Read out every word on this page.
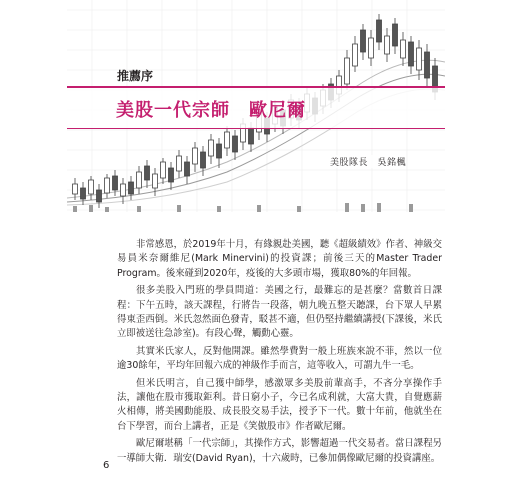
推薦序
美股一代宗師　歐尼爾
美股隊長　吳銘楓

非常感恩，於2019年十月，有緣親赴美國，聽《超級績效》作者、神級交易員米奈爾維尼(Mark Minervini)的投資課；前後三天的Master Trader Program。後來碰到2020年，疫後的大多頭市場，獲取80%的年回報。

很多美股入門班的學員問道：美國之行，最難忘的是甚麼？當數首日課程：下午五時，該天課程，行將告一段落，朝九晚五整天聽課，台下眾人早累得東歪西倒。米氏忽然面色發青，駁甚不適，但仍堅持繼續講授(下課後，米氏立即被送往急診室)。有段心聲，觸動心靈。

其實米氏家人，反對他開課。雖然學費對一般上班族來說不菲，然以一位逾30餘年，平均年回報六成的神級作手而言，這等收入，可謂九牛一毛。

但米氏明言，自己獲中師學，感激眾多美股前輩高手，不吝分享操作手法，讓他在股市獲取鉅利。昔日窮小子，今已名成利就，大富大貴，自覺應薪火相傳，將美國動能股、成長股交易手法，授予下一代。數十年前，他就坐在台下學習，而台上講者，正是《笑傲股市》作者歐尼爾。

歐尼爾堪稱「一代宗師」，其操作方式，影響超過一代交易者。當日課程另一導師大衛．瑞安(David Ryan)，十六歲時，已參加偶像歐尼爾的投資講座。

6
